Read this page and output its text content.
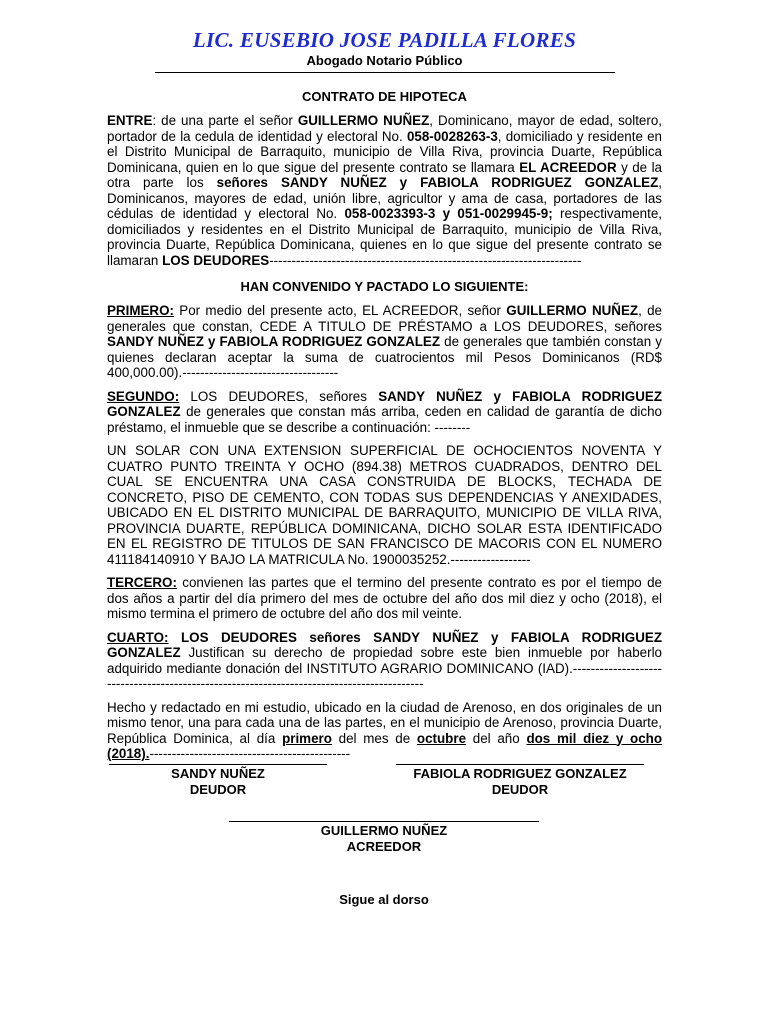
LIC. EUSEBIO JOSE PADILLA FLORES
Abogado Notario Público
CONTRATO DE HIPOTECA

ENTRE: de una parte el señor GUILLERMO NUÑEZ, Dominicano, mayor de edad, soltero, portador de la cedula de identidad y electoral No. 058-0028263-3, domiciliado y residente en el Distrito Municipal de Barraquito, municipio de Villa Riva, provincia Duarte, República Dominicana, quien en lo que sigue del presente contrato se llamara EL ACREEDOR y de la otra parte los señores SANDY NUÑEZ y FABIOLA RODRIGUEZ GONZALEZ, Dominicanos, mayores de edad, unión libre, agricultor y ama de casa, portadores de las cédulas de identidad y electoral No. 058-0023393-3 y 051-0029945-9; respectivamente, domiciliados y residentes en el Distrito Municipal de Barraquito, municipio de Villa Riva, provincia Duarte, República Dominicana, quienes en lo que sigue del presente contrato se llamaran LOS DEUDORES----------------------------------------------------------------------

HAN CONVENIDO Y PACTADO LO SIGUIENTE:

PRIMERO: Por medio del presente acto, EL ACREEDOR, señor GUILLERMO NUÑEZ, de generales que constan, CEDE A TITULO DE PRÉSTAMO a LOS DEUDORES, señores SANDY NUÑEZ y FABIOLA RODRIGUEZ GONZALEZ de generales que también constan y quienes declaran aceptar la suma de cuatrocientos mil Pesos Dominicanos (RD$ 400,000.00).-----------------------------------

SEGUNDO: LOS DEUDORES, señores SANDY NUÑEZ y FABIOLA RODRIGUEZ GONZALEZ de generales que constan más arriba, ceden en calidad de garantía de dicho préstamo, el inmueble que se describe a continuación: --------

UN SOLAR CON UNA EXTENSION SUPERFICIAL DE OCHOCIENTOS NOVENTA Y CUATRO PUNTO TREINTA Y OCHO (894.38) METROS CUADRADOS, DENTRO DEL CUAL SE ENCUENTRA UNA CASA CONSTRUIDA DE BLOCKS, TECHADA DE CONCRETO, PISO DE CEMENTO, CON TODAS SUS DEPENDENCIAS Y ANEXIDADES, UBICADO EN EL DISTRITO MUNICIPAL DE BARRAQUITO, MUNICIPIO DE VILLA RIVA, PROVINCIA DUARTE, REPÚBLICA DOMINICANA, DICHO SOLAR ESTA IDENTIFICADO EN EL REGISTRO DE TITULOS DE SAN FRANCISCO DE MACORIS CON EL NUMERO 411184140910 Y BAJO LA MATRICULA No. 1900035252.------------------

TERCERO: convienen las partes que el termino del presente contrato es por el tiempo de dos años a partir del día primero del mes de octubre del año dos mil diez y ocho (2018), el mismo termina el primero de octubre del año dos mil veinte.

CUARTO: LOS DEUDORES señores SANDY NUÑEZ y FABIOLA RODRIGUEZ GONZALEZ Justifican su derecho de propiedad sobre este bien inmueble por haberlo adquirido mediante donación del INSTITUTO AGRARIO DOMINICANO (IAD).-------------------------------------------------------------------------------------------

Hecho y redactado en mi estudio, ubicado en la ciudad de Arenoso, en dos originales de un mismo tenor, una para cada una de las partes, en el municipio de Arenoso, provincia Duarte, República Dominica, al día primero del mes de octubre del año dos mil diez y ocho (2018).---------------------------------------------

SANDY NUÑEZ
DEUDOR
FABIOLA RODRIGUEZ GONZALEZ
DEUDOR
GUILLERMO NUÑEZ
ACREEDOR
Sigue al dorso
